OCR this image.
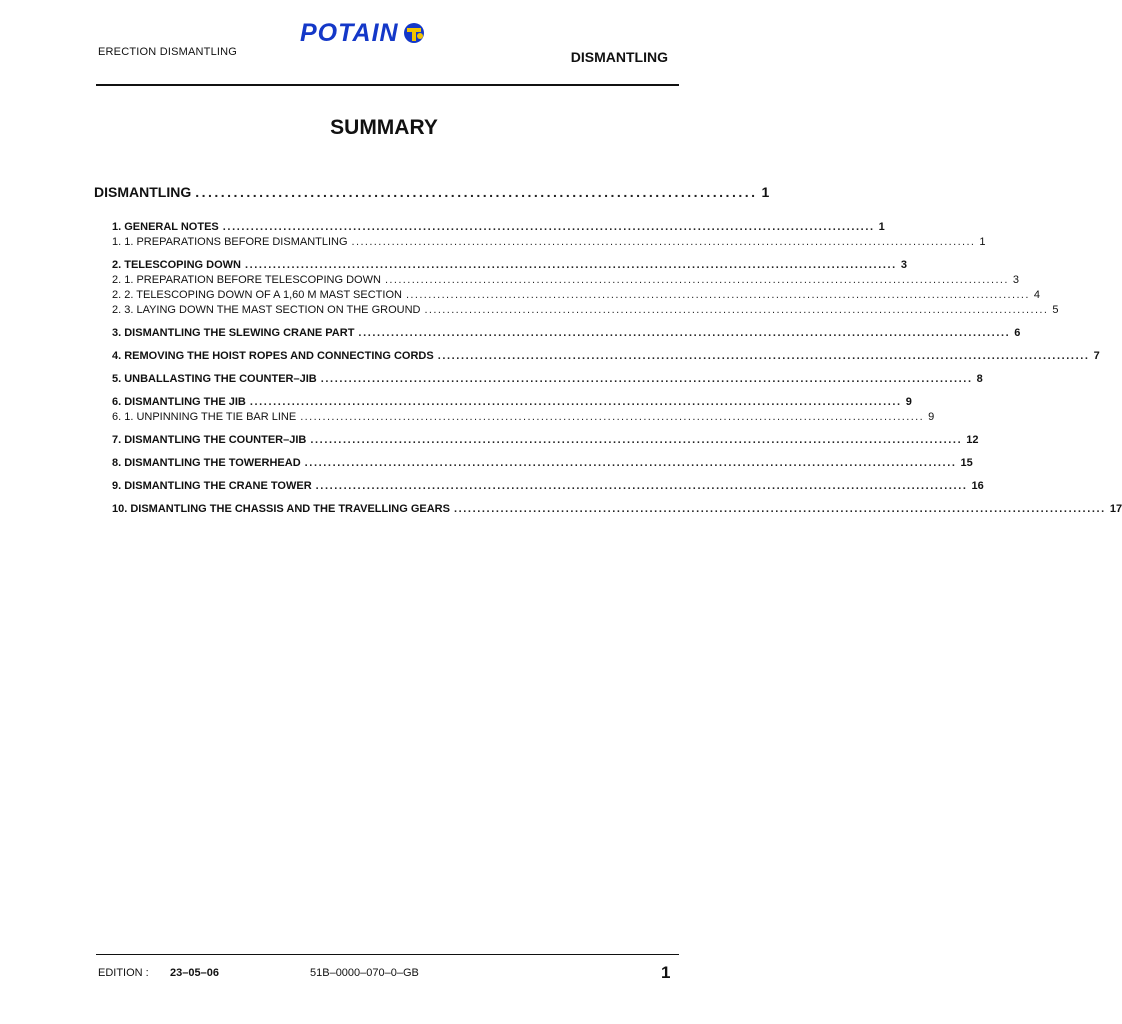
ERECTION DISMANTLING
POTAIN
DISMANTLING
SUMMARY
DISMANTLING ........................................................................................ 1
1. GENERAL NOTES ............................................................................................................................................ 1
1. 1. PREPARATIONS BEFORE DISMANTLING ............................................................................................................................................ 1
2. TELESCOPING DOWN ............................................................................................................................................ 3
2. 1. PREPARATION BEFORE TELESCOPING DOWN ............................................................................................................................................ 3
2. 2. TELESCOPING DOWN OF A 1,60 M MAST SECTION ............................................................................................................................................ 4
2. 3. LAYING DOWN THE MAST SECTION ON THE GROUND ............................................................................................................................................ 5
3. DISMANTLING THE SLEWING CRANE PART ............................................................................................................................................ 6
4. REMOVING THE HOIST ROPES AND CONNECTING CORDS ............................................................................................................................................ 7
5. UNBALLASTING THE COUNTER–JIB ............................................................................................................................................ 8
6. DISMANTLING THE JIB ............................................................................................................................................ 9
6. 1. UNPINNING THE TIE BAR LINE ............................................................................................................................................ 9
7. DISMANTLING THE COUNTER–JIB ............................................................................................................................................ 12
8. DISMANTLING THE TOWERHEAD ............................................................................................................................................ 15
9. DISMANTLING THE CRANE TOWER ............................................................................................................................................ 16
10. DISMANTLING THE CHASSIS AND THE TRAVELLING GEARS ............................................................................................................................................ 17
EDITION : 23–05–06	51B–0000–070–0–GB	1
